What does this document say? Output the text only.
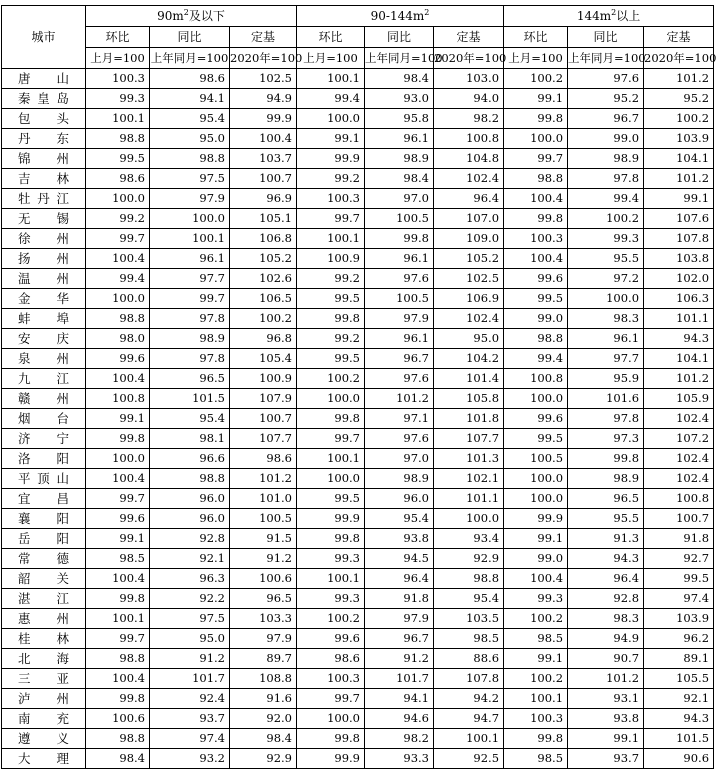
城市	$90m^2$及以下			$90-144m^2$			$144m^2$以上		
	环比	同比	定基	环比	同比	定基	环比	同比	定基
	上月=100	上年同月=100	2020年=100	上月=100	上年同月=100	2020年=100	上月=100	上年同月=100	2020年=100

唐 山	100.3	98.6	102.5	100.1	98.4	103.0	100.2	97.6	101.2

秦 皇 岛	99.3	94.1	94.9	99.4	93.0	94.0	99.1	95.2	95.2

包 头	100.1	95.4	99.9	100.0	95.8	98.2	99.8	96.7	100.2

丹 东	98.8	95.0	100.4	99.1	96.1	100.8	100.0	99.0	103.9

锦 州	99.5	98.8	103.7	99.9	98.9	104.8	99.7	98.9	104.1

吉 林	98.6	97.5	100.7	99.2	98.4	102.4	98.8	97.8	101.2

牡 丹 江	100.0	97.9	96.9	100.3	97.0	96.4	100.4	99.4	99.1

无 锡	99.2	100.0	105.1	99.7	100.5	107.0	99.8	100.2	107.6

徐 州	99.7	100.1	106.8	100.1	99.8	109.0	100.3	99.3	107.8

扬 州	100.4	96.1	105.2	100.9	96.1	105.2	100.4	95.5	103.8

温 州	99.4	97.7	102.6	99.2	97.6	102.5	99.6	97.2	102.0

金 华	100.0	99.7	106.5	99.5	100.5	106.9	99.5	100.0	106.3

蚌 埠	98.8	97.8	100.2	99.8	97.9	102.4	99.0	98.3	101.1

安 庆	98.0	98.9	96.8	99.2	96.1	95.0	98.8	96.1	94.3

泉 州	99.6	97.8	105.4	99.5	96.7	104.2	99.4	97.7	104.1

九 江	100.4	96.5	100.9	100.2	97.6	101.4	100.8	95.9	101.2

赣 州	100.8	101.5	107.9	100.0	101.2	105.8	100.0	101.6	105.9

烟 台	99.1	95.4	100.7	99.8	97.1	101.8	99.6	97.8	102.4

济 宁	99.8	98.1	107.7	99.7	97.6	107.7	99.5	97.3	107.2

洛 阳	100.0	96.6	98.6	100.1	97.0	101.3	100.5	99.8	102.4

平 顶 山	100.4	98.8	101.2	100.0	98.9	102.1	100.0	98.9	102.4

宜 昌	99.7	96.0	101.0	99.5	96.0	101.1	100.0	96.5	100.8

襄 阳	99.6	96.0	100.5	99.9	95.4	100.0	99.9	95.5	100.7

岳 阳	99.1	92.8	91.5	99.8	93.8	93.4	99.1	91.3	91.8

常 德	98.5	92.1	91.2	99.3	94.5	92.9	99.0	94.3	92.7

韶 关	100.4	96.3	100.6	100.1	96.4	98.8	100.4	96.4	99.5

湛 江	99.8	92.2	96.5	99.3	91.8	95.4	99.3	92.8	97.4

惠 州	100.1	97.5	103.3	100.2	97.9	103.5	100.2	98.3	103.9

桂 林	99.7	95.0	97.9	99.6	96.7	98.5	98.5	94.9	96.2

北 海	98.8	91.2	89.7	98.6	91.2	88.6	99.1	90.7	89.1

三 亚	100.4	101.7	108.8	100.3	101.7	107.8	100.2	101.2	105.5

泸 州	99.8	92.4	91.6	99.7	94.1	94.2	100.1	93.1	92.1

南 充	100.6	93.7	92.0	100.0	94.6	94.7	100.3	93.8	94.3

遵 义	98.8	97.4	98.4	99.8	98.2	100.1	99.8	99.1	101.5

大 理	98.4	93.2	92.9	99.9	93.3	92.5	98.5	93.7	90.6
